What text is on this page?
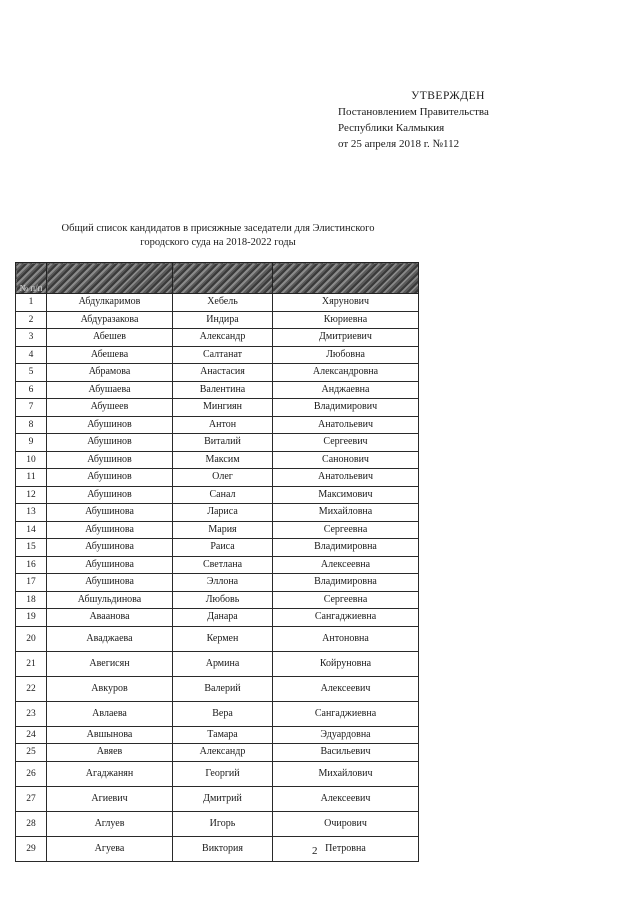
УТВЕРЖДЕН
Постановлением Правительства
Республики Калмыкия
от 25 апреля 2018 г. №112
Общий список кандидатов в присяжные заседатели для Элистинского
городского суда на 2018-2022 годы
№ п/п			
1	Абдулкаримов	Хебель	Хярунович
2	Абдуразакова	Индира	Кюриевна
3	Абешев	Александр	Дмитриевич
4	Абешева	Салтанат	Любовна
5	Абрамова	Анастасия	Александровна
6	Абушаева	Валентина	Анджаевна
7	Абушеев	Мингиян	Владимирович
8	Абушинов	Антон	Анатольевич
9	Абушинов	Виталий	Сергеевич
10	Абушинов	Максим	Санонович
11	Абушинов	Олег	Анатольевич
12	Абушинов	Санал	Максимович
13	Абушинова	Лариса	Михайловна
14	Абушинова	Мария	Сергеевна
15	Абушинова	Раиса	Владимировна
16	Абушинова	Светлана	Алексеевна
17	Абушинова	Эллона	Владимировна
18	Абшульдинова	Любовь	Сергеевна
19	Аваанова	Данара	Сангаджиевна
20	Аваджаева	Кермен	Антоновна
21	Авегисян	Армина	Койруновна
22	Авкуров	Валерий	Алексеевич
23	Авлаева	Вера	Сангаджиевна
24	Авшынова	Тамара	Эдуардовна
25	Авяев	Александр	Васильевич
26	Агаджанян	Георгий	Михайлович
27	Агиевич	Дмитрий	Алексеевич
28	Аглуев	Игорь	Очирович
29	Агуева	Виктория	Петровна
2
